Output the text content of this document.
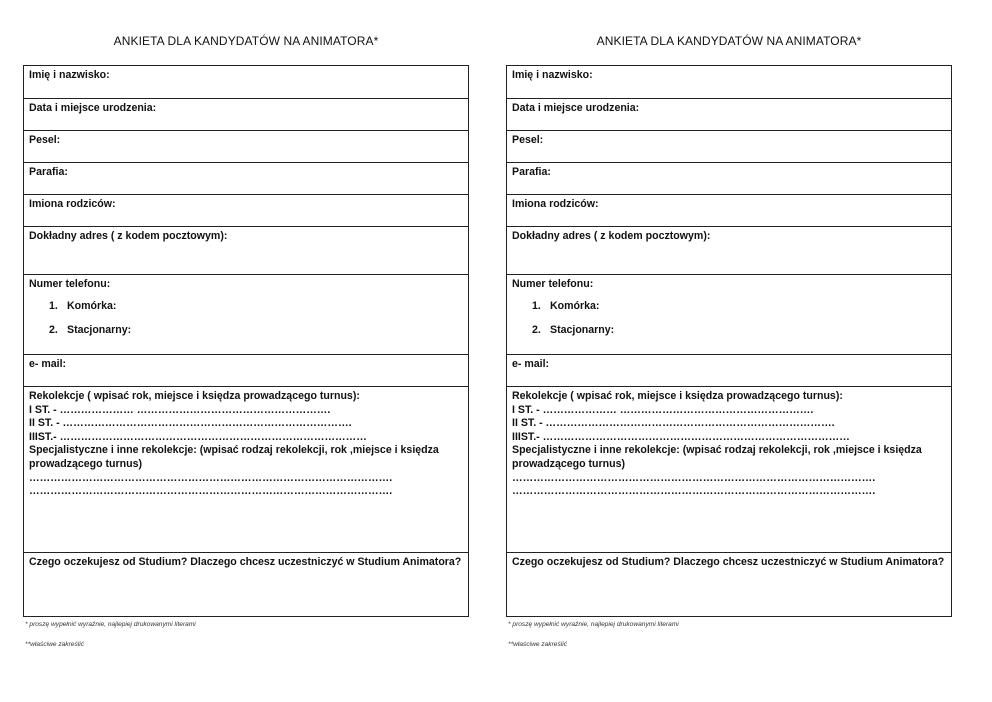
ANKIETA DLA KANDYDATÓW NA ANIMATORA*
Imię i nazwisko:
Data i miejsce urodzenia:
Pesel:
Parafia:
Imiona rodziców:
Dokładny adres ( z kodem pocztowym):
Numer telefonu:
1. Komórka:
2. Stacjonarny:
e- mail:
Rekolekcje ( wpisać rok, miejsce i księdza prowadzącego turnus):
I ST. - ………………… ……………………………………………….
II ST. - ……………………………………………………………………….
IIIST.- ……………………………………………………………………………
Specjalistyczne i inne rekolekcje: (wpisać rodzaj rekolekcji, rok ,miejsce i księdza prowadzącego turnus)
………………………………………………………………………………………….
………………………………………………………………………………………….
Czego oczekujesz od Studium? Dlaczego chcesz uczestniczyć w Studium Animatora?
* proszę wypełnić wyraźnie, najlepiej drukowanymi literami
**właściwe zakreślić
ANKIETA DLA KANDYDATÓW NA ANIMATORA*
Imię i nazwisko:
Data i miejsce urodzenia:
Pesel:
Parafia:
Imiona rodziców:
Dokładny adres ( z kodem pocztowym):
Numer telefonu:
1. Komórka:
2. Stacjonarny:
e- mail:
Rekolekcje ( wpisać rok, miejsce i księdza prowadzącego turnus):
I ST. - ………………… ……………………………………………….
II ST. - ……………………………………………………………………….
IIIST.- ……………………………………………………………………………
Specjalistyczne i inne rekolekcje: (wpisać rodzaj rekolekcji, rok ,miejsce i księdza prowadzącego turnus)
………………………………………………………………………………………….
………………………………………………………………………………………….
Czego oczekujesz od Studium? Dlaczego chcesz uczestniczyć w Studium Animatora?
* proszę wypełnić wyraźnie, najlepiej drukowanymi literami
**właściwe zakreślić
